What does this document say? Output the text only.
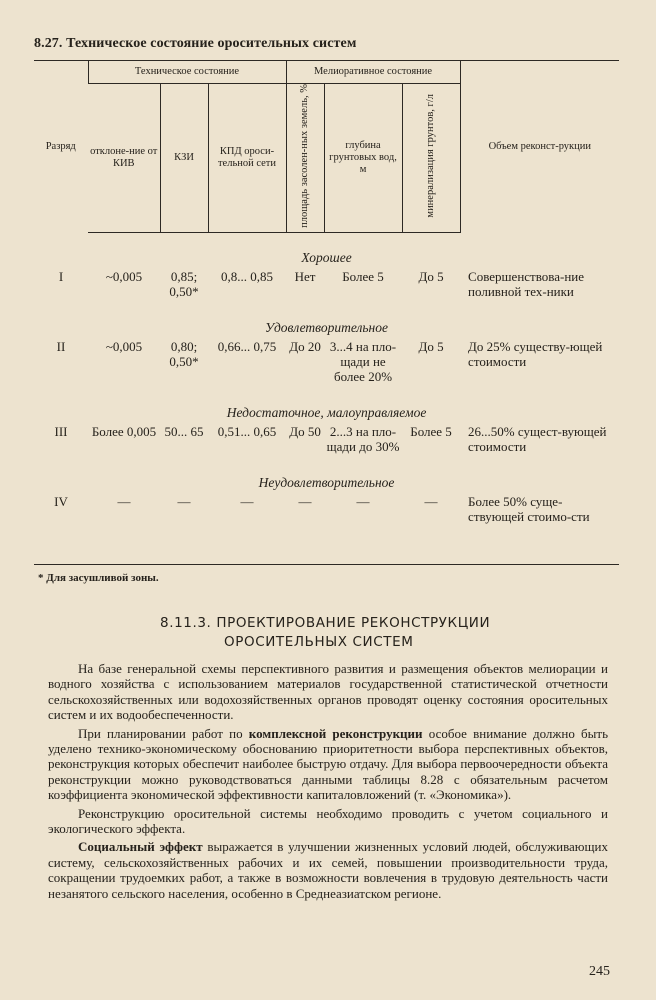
8.27. Техническое состояние оросительных систем
Разряд	Техническое состояние			Мелиоративное состояние			Объем реконст-рукции
	отклоне-ние от КИВ	КЗИ	КПД ороси-тельной сети	площадь засолен-ных земель, %	глубина грунтовых вод, м	минерализация грунтов, г/л	
Хорошее							
I	~0,005	0,85; 0,50*	0,8... 0,85	Нет	Более 5	До 5	Совершенствова-ние поливной тех-ники
Удовлетворительное							
II	~0,005	0,80; 0,50*	0,66... 0,75	До 20	3...4 на пло-щади не более 20%	До 5	До 25% существу-ющей стоимости
Недостаточное, малоуправляемое							
III	Более 0,005	50... 65	0,51... 0,65	До 50	2...3 на пло-щади до 30%	Более 5	26...50% сущест-вующей стоимости
Неудовлетворительное							
IV	—	—	—	—	—	—	Более 50% суще-ствующей стоимо-сти
* Для засушливой зоны.
8.11.3. ПРОЕКТИРОВАНИЕ РЕКОНСТРУКЦИИ
ОРОСИТЕЛЬНЫХ СИСТЕМ

На базе генеральной схемы перспективного развития и размещения объектов мелиорации и водного хозяйства с использованием материалов государственной статистической отчетности сельскохозяйственных или водохозяйственных органов проводят оценку состояния оросительных систем и их водообеспеченности.

При планировании работ по комплексной реконструкции особое внимание должно быть уделено технико-экономическому обоснованию приоритетности выбора перспективных объектов, реконструкция которых обеспечит наиболее быструю отдачу. Для выбора первоочередности объекта реконструкции можно руководствоваться данными таблицы 8.28 с обязательным расчетом коэффициента экономической эффективности капиталовложений (т. «Экономика»).

Реконструкцию оросительной системы необходимо проводить с учетом социального и экологического эффекта.

Социальный эффект выражается в улучшении жизненных условий людей, обслуживающих систему, сельскохозяйственных рабочих и их семей, повышении производительности труда, сокращении трудоемких работ, а также в возможности вовлечения в трудовую деятельность части незанятого сельского населения, особенно в Среднеазиатском регионе.

245
